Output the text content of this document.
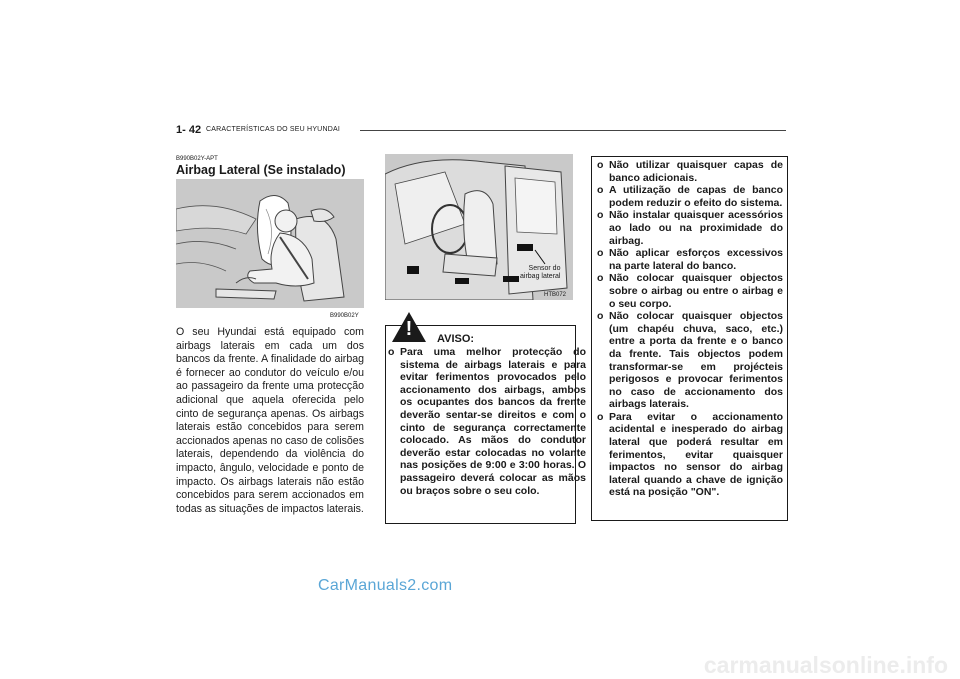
1- 42 CARACTERÍSTICAS DO SEU HYUNDAI
B990B02Y-APT
Airbag Lateral (Se instalado)
B990B02Y
O seu Hyundai está equipado com airbags laterais em cada um dos bancos da frente. A finalidade do airbag é fornecer ao condutor do veículo e/ou ao passageiro da frente uma protecção adicional que aquela oferecida pelo cinto de segurança apenas. Os airbags laterais estão concebidos para serem accionados apenas no caso de colisões laterais, dependendo da violência do impacto, ângulo, velocidade e ponto de impacto. Os airbags laterais não estão concebidos para serem accionados em todas as situações de impactos laterais.
Sensor do
airbag lateral
HTB072
!	AVISO:
o Para uma melhor protecção do sistema de airbags laterais e para evitar ferimentos provocados pelo accionamento dos airbags, ambos os ocupantes dos bancos da frente deverão sentar-se direitos e com o cinto de segurança correctamente colocado. As mãos do condutor deverão estar colocadas no volante nas posições de 9:00 e 3:00 horas. O passageiro deverá colocar as mãos ou braços sobre o seu colo.
o Não utilizar quaisquer capas de banco adicionais.
o A utilização de capas de banco podem reduzir o efeito do sistema.
o Não instalar quaisquer acessórios ao lado ou na proximidade do airbag.
o Não aplicar esforços excessivos na parte lateral do banco.
o Não colocar quaisquer objectos sobre o airbag ou entre o airbag e o seu corpo.
o Não colocar quaisquer objectos (um chapéu chuva, saco, etc.) entre a porta da frente e o banco da frente. Tais objectos podem transformar-se em projécteis perigosos e provocar ferimentos no caso de accionamento dos airbags laterais.
o Para evitar o accionamento acidental e inesperado do airbag lateral que poderá resultar em ferimentos, evitar quaisquer impactos no sensor do airbag lateral quando a chave de ignição está na posição "ON".
CarManuals2.com
carmanualsonline.info
